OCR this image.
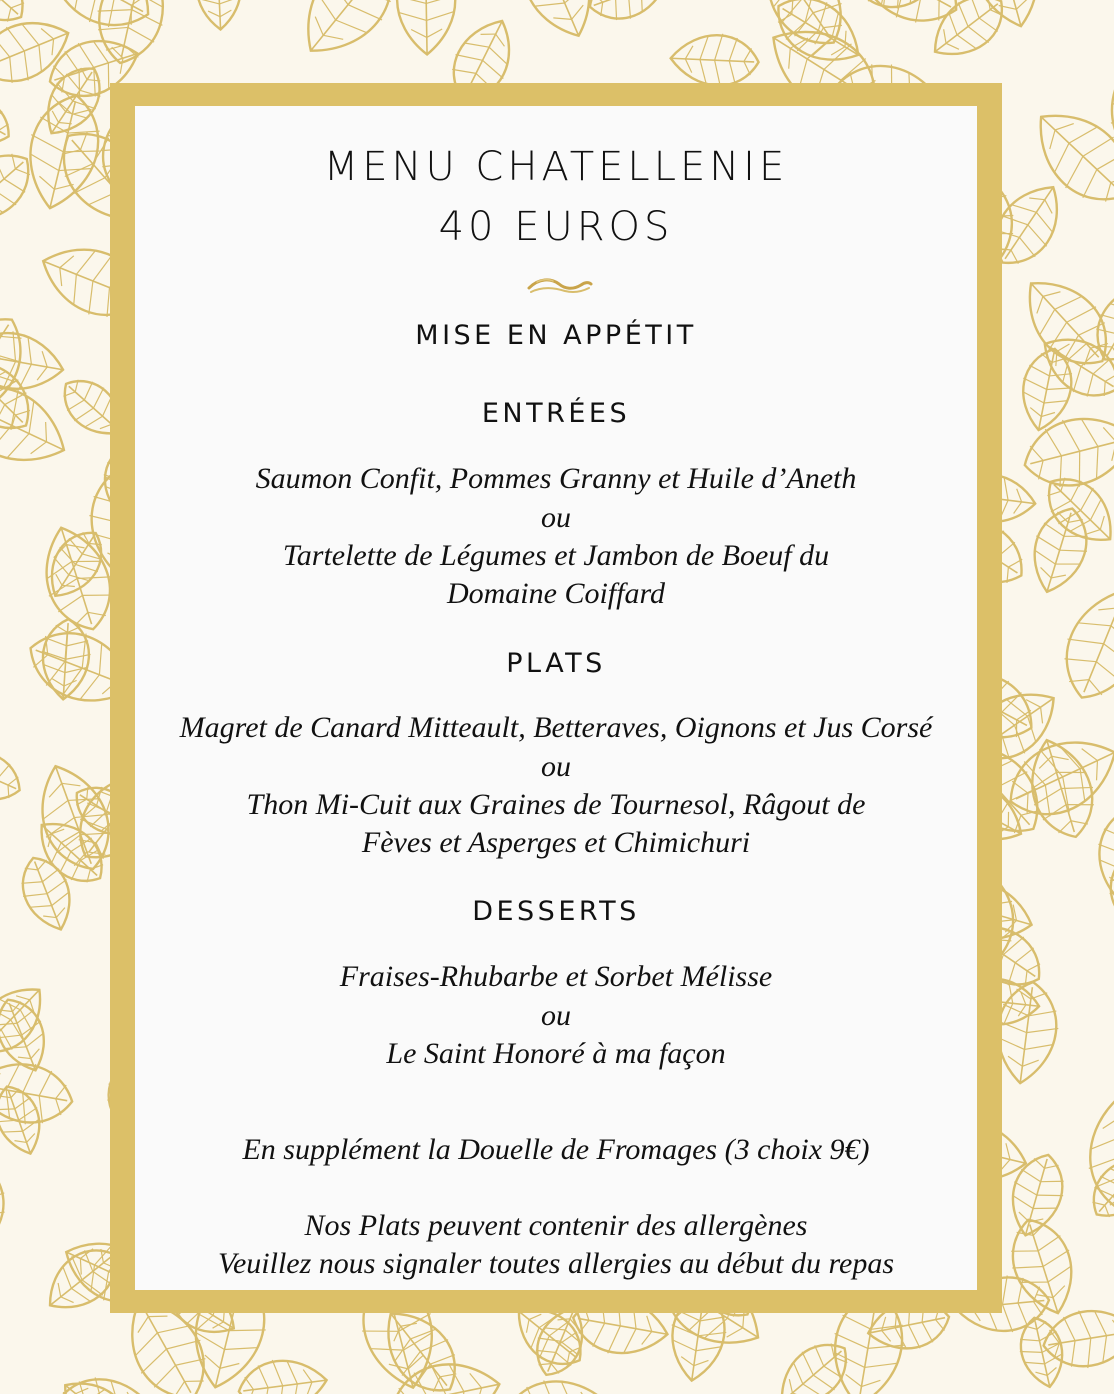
MENU CHATELLENIE
40 EUROS
MISE EN APPÉTIT
ENTRÉES
Saumon Confit, Pommes Granny et Huile d’Aneth
ou
Tartelette de Légumes et Jambon de Boeuf du
Domaine Coiffard
PLATS
Magret de Canard Mitteault, Betteraves, Oignons et Jus Corsé
ou
Thon Mi-Cuit aux Graines de Tournesol, Râgout de
Fèves et Asperges et Chimichuri
DESSERTS
Fraises-Rhubarbe et Sorbet Mélisse
ou
Le Saint Honoré à ma façon
En supplément la Douelle de Fromages (3 choix 9€)
Nos Plats peuvent contenir des allergènes
Veuillez nous signaler toutes allergies au début du repas
